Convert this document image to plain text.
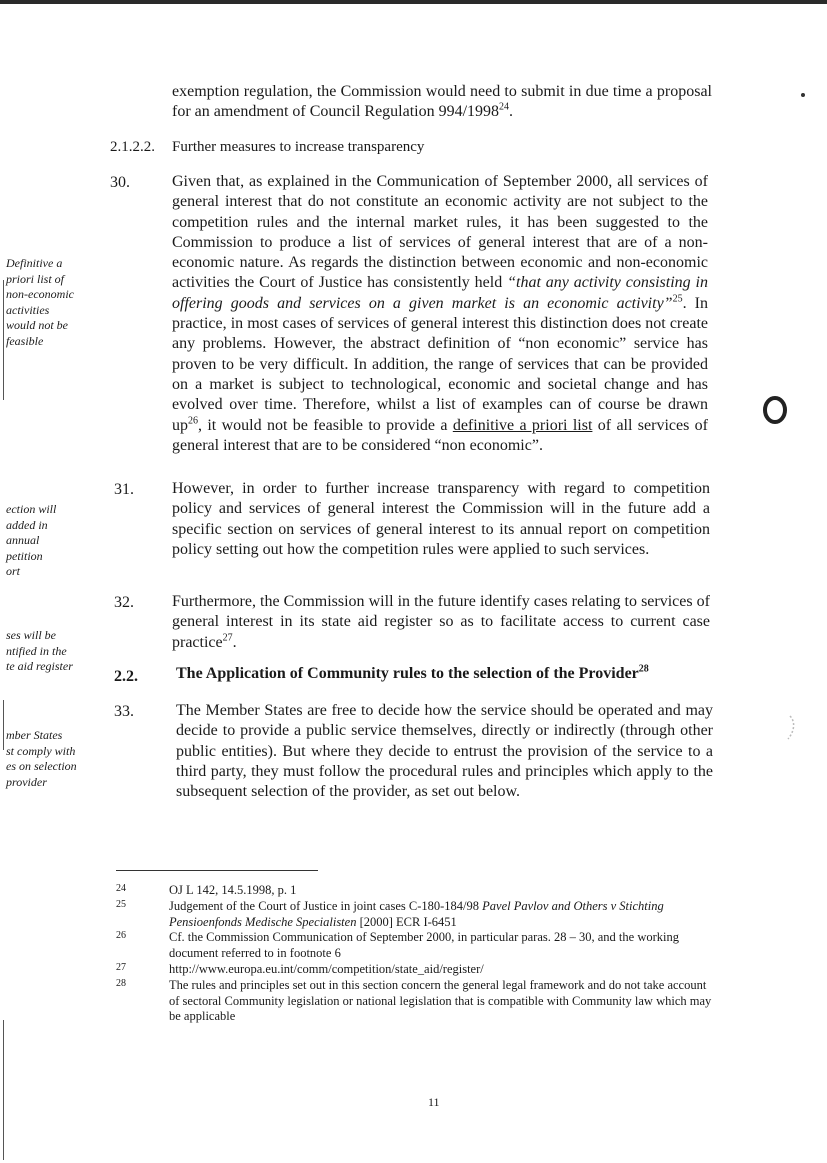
exemption regulation, the Commission would need to submit in due time a proposal for an amendment of Council Regulation 994/1998$^{24}$.

2.1.2.2. Further measures to increase transparency
30.	Given that, as explained in the Communication of September 2000, all services of general interest that do not constitute an economic activity are not subject to the competition rules and the internal market rules, it has been suggested to the Commission to produce a list of services of general interest that are of a non-economic nature. As regards the distinction between economic and non-economic activities the Court of Justice has consistently held “that any activity consisting in offering goods and services on a given market is an economic activity”$^{25}$. In practice, in most cases of services of general interest this distinction does not create any problems. However, the abstract definition of “non economic” service has proven to be very difficult. In addition, the range of services that can be provided on a market is subject to technological, economic and societal change and has evolved over time. Therefore, whilst a list of examples can of course be drawn $up^{26}$, it would not be feasible to provide a definitive a priori list of all services of general interest that are to be considered “non economic”.

Definitive a
priori list of
non-economic
activities
would not be
feasible
31. However, in order to further increase transparency with regard to competition policy and services of general interest the Commission will in the future add a specific section on services of general interest to its annual report on competition policy setting out how the competition rules were applied to such services.

ection will
added in
annual
petition
ort
32. Furthermore, the Commission will in the future identify cases relating to services of general interest in its state aid register so as to facilitate access to current case practice$^{27}$.

ses will be
ntified in the
te aid register
2.2. The Application of Community rules to the selection of the Provider$^{28}$
33.	The Member States are free to decide how the service should be operated and may decide to provide a public service themselves, directly or indirectly (through other public entities). But where they decide to entrust the provision of the service to a third party, they must follow the procedural rules and principles which apply to the subsequent selection of the provider, as set out below.

mber States
st comply with
es on selection
provider
24	OJ L 142, 14.5.1998, p. 1
25	Judgement of the Court of Justice in joint cases C-180-184/98 Pavel Pavlov and Others v Stichting Pensioenfonds Medische Specialisten [2000] ECR I-6451
26	Cf. the Commission Communication of September 2000, in particular paras. 28 – 30, and the working document referred to in footnote 6
27	http://www.europa.eu.int/comm/competition/state_aid/register/
28	The rules and principles set out in this section concern the general legal framework and do not take account of sectoral Community legislation or national legislation that is compatible with Community law which may be applicable
11
